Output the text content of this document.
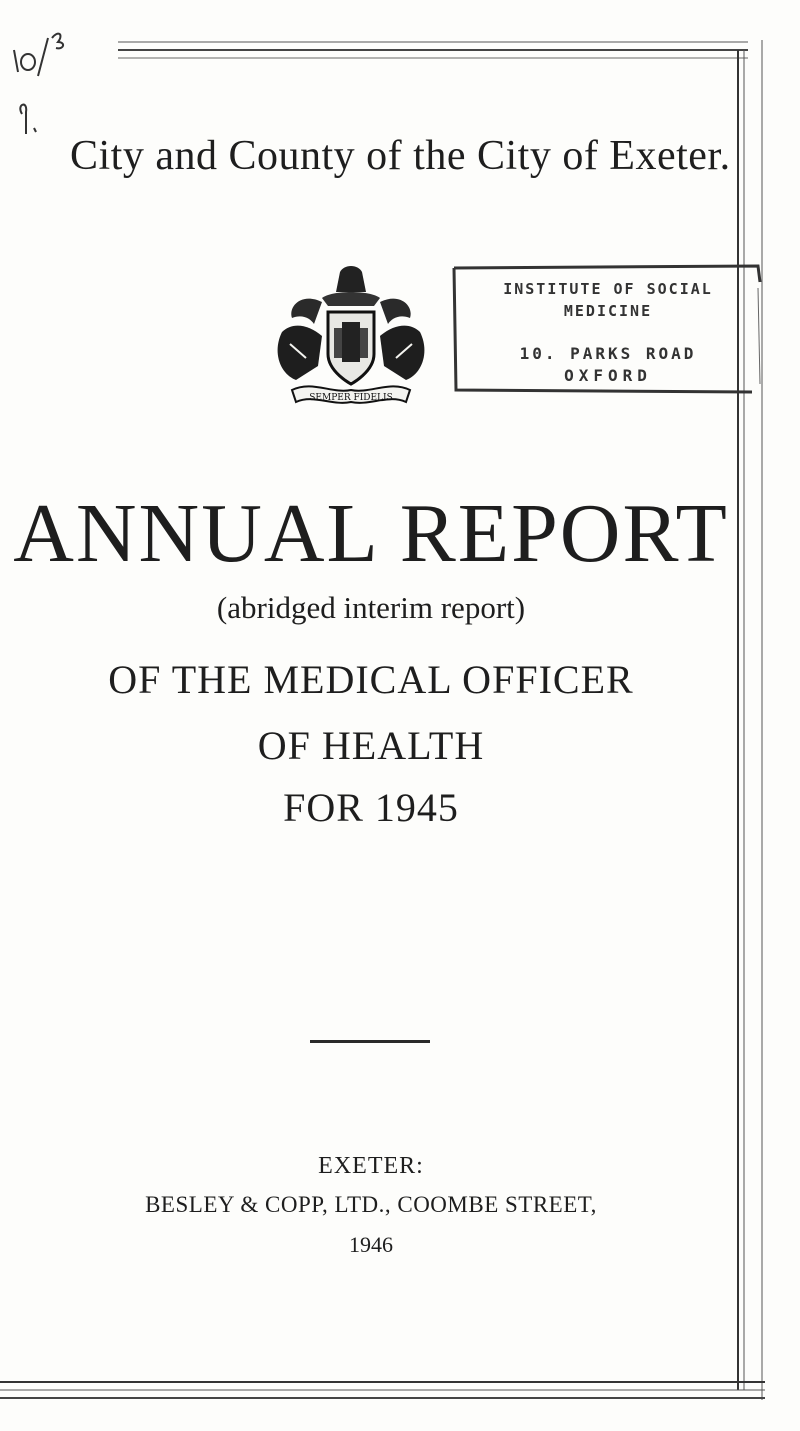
City and County of the City of Exeter.
SEMPER FIDELIS
INSTITUTE OF SOCIAL
MEDICINE
10. PARKS ROAD
OXFORD
ANNUAL REPORT
(abridged interim report)
OF THE MEDICAL OFFICER
OF HEALTH
FOR 1945
EXETER:
BESLEY & COPP, LTD., COOMBE STREET,
1946
